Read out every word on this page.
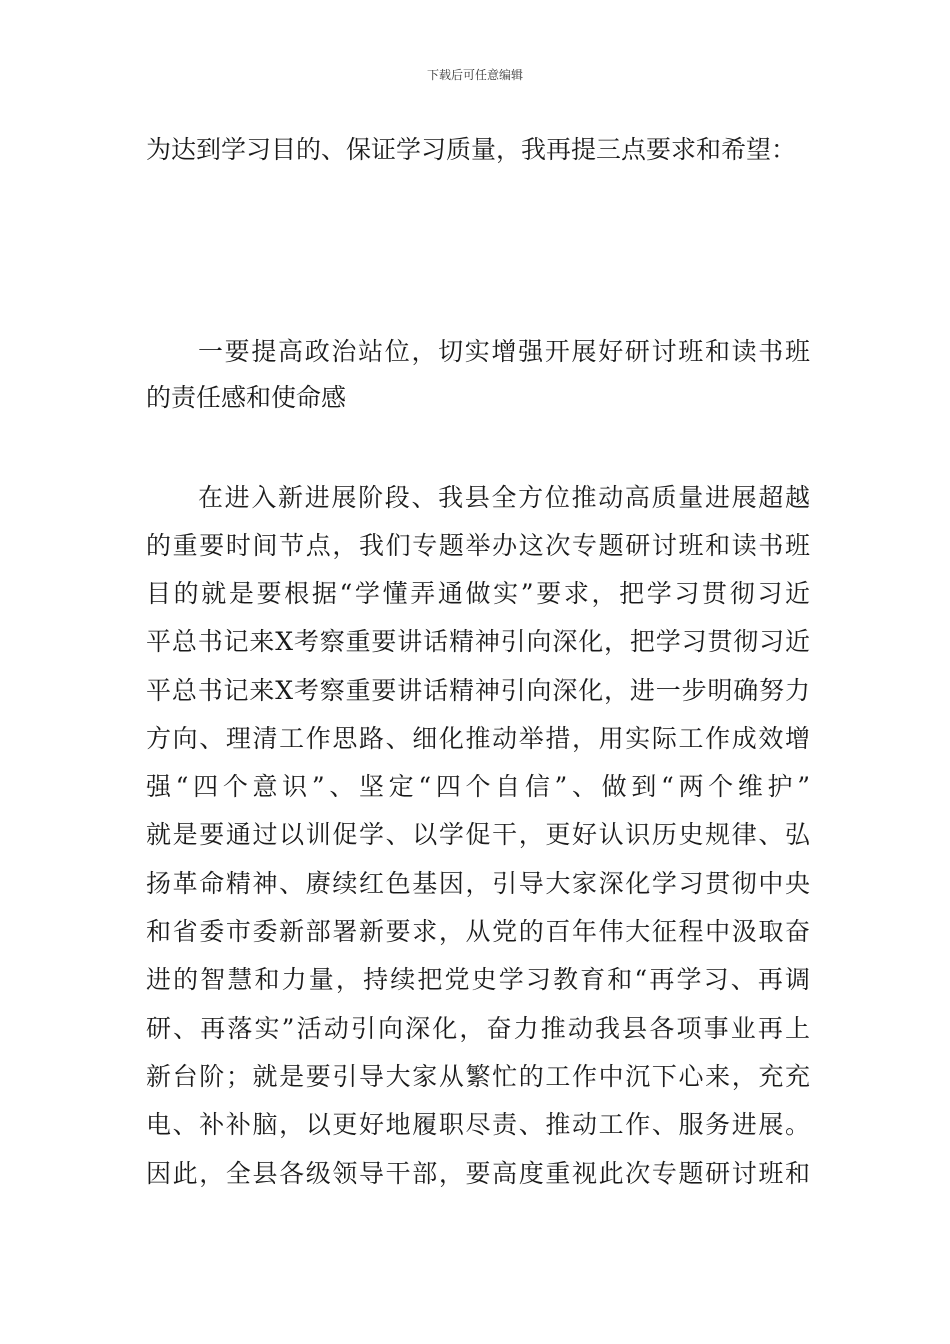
下载后可任意编辑
为达到学习目的、保证学习质量，我再提三点要求和希望：
一要提高政治站位，切实增强开展好研讨班和读书班
的责任感和使命感
在进入新进展阶段、我县全方位推动高质量进展超越
的重要时间节点，我们专题举办这次专题研讨班和读书班
目的就是要根据“学懂弄通做实”要求，把学习贯彻习近
平总书记来X考察重要讲话精神引向深化，把学习贯彻习近
平总书记来X考察重要讲话精神引向深化，进一步明确努力
方向、理清工作思路、细化推动举措，用实际工作成效增
强“四个意识”、坚定“四个自信”、做到“两个维护”
就是要通过以训促学、以学促干，更好认识历史规律、弘
扬革命精神、赓续红色基因，引导大家深化学习贯彻中央
和省委市委新部署新要求，从党的百年伟大征程中汲取奋
进的智慧和力量，持续把党史学习教育和“再学习、再调
研、再落实”活动引向深化，奋力推动我县各项事业再上
新台阶；就是要引导大家从繁忙的工作中沉下心来，充充
电、补补脑，以更好地履职尽责、推动工作、服务进展。
因此，全县各级领导干部，要高度重视此次专题研讨班和
